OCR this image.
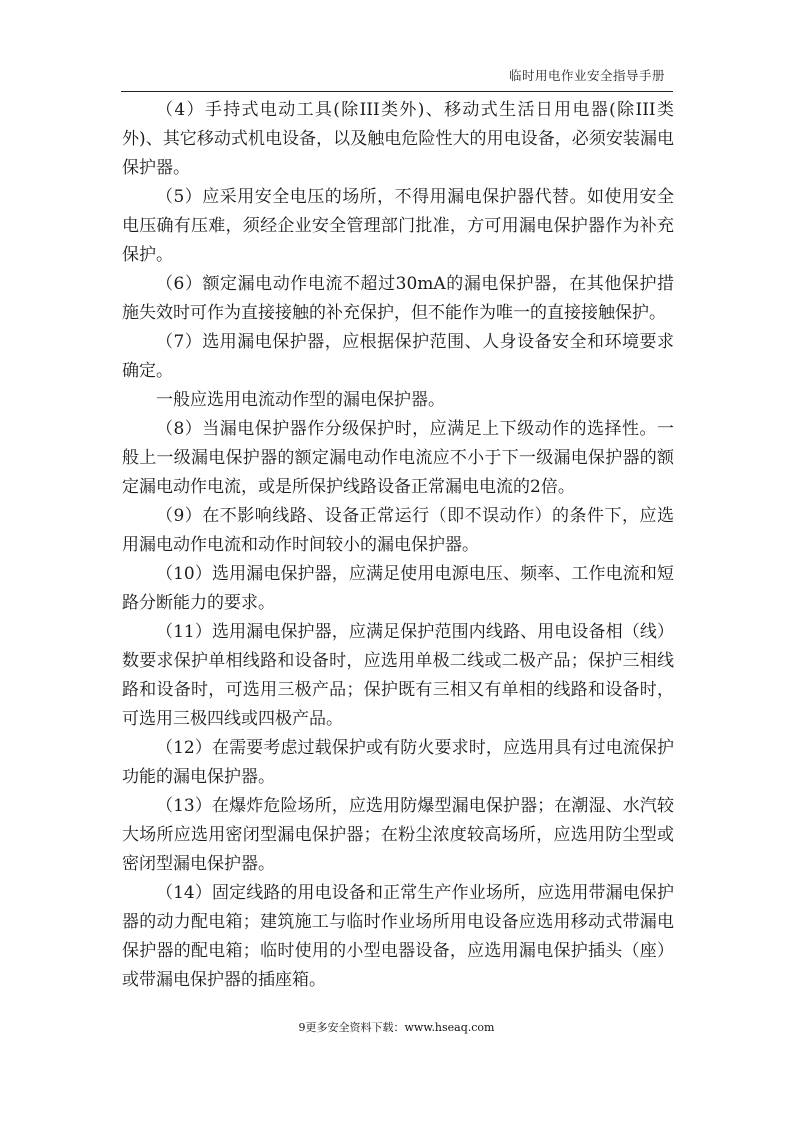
临时用电作业安全指导手册

（4）手持式电动工具(除III类外)、移动式生活日用电器(除III类外)、其它移动式机电设备，以及触电危险性大的用电设备，必须安装漏电保护器。

（5）应采用安全电压的场所，不得用漏电保护器代替。如使用安全电压确有压难，须经企业安全管理部门批准，方可用漏电保护器作为补充保护。

（6）额定漏电动作电流不超过30mA的漏电保护器，在其他保护措施失效时可作为直接接触的补充保护，但不能作为唯一的直接接触保护。

（7）选用漏电保护器，应根据保护范围、人身设备安全和环境要求确定。

一般应选用电流动作型的漏电保护器。

（8）当漏电保护器作分级保护时，应满足上下级动作的选择性。一般上一级漏电保护器的额定漏电动作电流应不小于下一级漏电保护器的额定漏电动作电流，或是所保护线路设备正常漏电电流的2倍。

（9）在不影响线路、设备正常运行（即不误动作）的条件下，应选用漏电动作电流和动作时间较小的漏电保护器。

（10）选用漏电保护器，应满足使用电源电压、频率、工作电流和短路分断能力的要求。

（11）选用漏电保护器，应满足保护范围内线路、用电设备相（线）数要求保护单相线路和设备时，应选用单极二线或二极产品；保护三相线路和设备时，可选用三极产品；保护既有三相又有单相的线路和设备时，可选用三极四线或四极产品。

（12）在需要考虑过载保护或有防火要求时，应选用具有过电流保护功能的漏电保护器。

（13）在爆炸危险场所，应选用防爆型漏电保护器；在潮湿、水汽较大场所应选用密闭型漏电保护器；在粉尘浓度较高场所，应选用防尘型或密闭型漏电保护器。

（14）固定线路的用电设备和正常生产作业场所，应选用带漏电保护器的动力配电箱；建筑施工与临时作业场所用电设备应选用移动式带漏电保护器的配电箱；临时使用的小型电器设备，应选用漏电保护插头（座）或带漏电保护器的插座箱。

9更多安全资料下载：www.hseaq.com
